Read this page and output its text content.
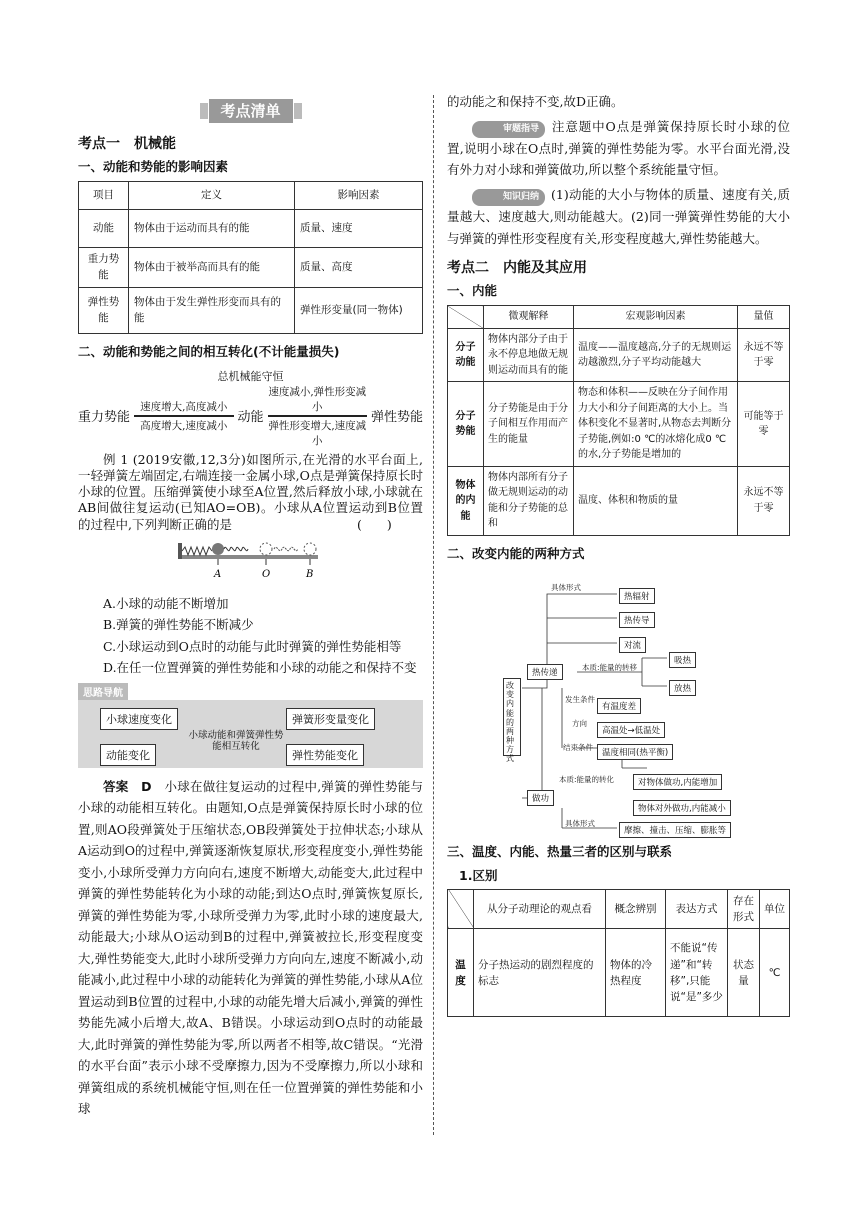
考点清单
考点一　机械能
一、动能和势能的影响因素
项目	定义	影响因素
动能	物体由于运动而具有的能	质量、速度
重力势能	物体由于被举高而具有的能	质量、高度
弹性势能	物体由于发生弹性形变而具有的能	弹性形变量(同一物体)
二、动能和势能之间的相互转化(不计能量损失)
总机械能守恒
重力势能
速度增大,高度减小
高度增大,速度减小
动能
速度减小,弹性形变减小
弹性形变增大,速度减小
弹性势能

例 1 (2019安徽,12,3分)如图所示,在光滑的水平台面上,一轻弹簧左端固定,右端连接一金属小球,O点是弹簧保持原长时小球的位置。压缩弹簧使小球至A位置,然后释放小球,小球就在AB间做往复运动(已知AO=OB)。小球从A位置运动到B位置的过程中,下列判断正确的是　　　　　　　　　　(　　)

A	O	B

A.小球的动能不断增加

B.弹簧的弹性势能不断减少

C.小球运动到O点时的动能与此时弹簧的弹性势能相等

D.在任一位置弹簧的弹性势能和小球的动能之和保持不变

思路导航
小球速度变化	弹簧形变量变化
动能变化	弹性势能变化
小球动能和弹簧弹性势能相互转化

答案　D　 小球在做往复运动的过程中,弹簧的弹性势能与小球的动能相互转化。由题知,O点是弹簧保持原长时小球的位置,则AO段弹簧处于压缩状态,OB段弹簧处于拉伸状态;小球从A运动到O的过程中,弹簧逐渐恢复原状,形变程度变小,弹性势能变小,小球所受弹力方向向右,速度不断增大,动能变大,此过程中弹簧的弹性势能转化为小球的动能;到达O点时,弹簧恢复原长,弹簧的弹性势能为零,小球所受弹力为零,此时小球的速度最大,动能最大;小球从O运动到B的过程中,弹簧被拉长,形变程度变大,弹性势能变大,此时小球所受弹力方向向左,速度不断减小,动能减小,此过程中小球的动能转化为弹簧的弹性势能,小球从A位置运动到B位置的过程中,小球的动能先增大后减小,弹簧的弹性势能先减小后增大,故A、B错误。小球运动到O点时的动能最大,此时弹簧的弹性势能为零,所以两者不相等,故C错误。“光滑的水平台面”表示小球不受摩擦力,因为不受摩擦力,所以小球和弹簧组成的系统机械能守恒,则在任一位置弹簧的弹性势能和小球

的动能之和保持不变,故D正确。

审题指导 注意题中O点是弹簧保持原长时小球的位置,说明小球在O点时,弹簧的弹性势能为零。水平台面光滑,没有外力对小球和弹簧做功,所以整个系统能量守恒。

知识归纳 (1)动能的大小与物体的质量、速度有关,质量越大、速度越大,则动能越大。(2)同一弹簧弹性势能的大小与弹簧的弹性形变程度有关,形变程度越大,弹性势能越大。

考点二　内能及其应用
一、内能
	微观解释	宏观影响因素	量值
分子动能	物体内部分子由于永不停息地做无规则运动而具有的能	温度——温度越高,分子的无规则运动越激烈,分子平均动能越大	永远不等于零
分子势能	分子势能是由于分子间相互作用而产生的能量	物态和体积——反映在分子间作用力大小和分子间距离的大小上。当体积变化不显著时,从物态去判断分子势能,例如:0 ℃的冰熔化成0 ℃的水,分子势能是增加的	可能等于零
物体的内能	物体内部所有分子做无规则运动的动能和分子势能的总和	温度、体积和物质的量	永远不等于零
二、改变内能的两种方式
改变内能的两种方式
具体形式
热辐射
热传导
对流
热传递
本质:能量的转移
吸热
放热
发生条件
有温度差
方向
高温处→低温处
结束条件
温度相同(热平衡)
做功
本质:能量的转化	对物体做功,内能增加
物体对外做功,内能减小
具体形式
摩擦、撞击、压缩、膨胀等
三、温度、内能、热量三者的区别与联系
1.区别
	从分子动理论的观点看	概念辨别	表达方式	存在形式	单位
温度	分子热运动的剧烈程度的标志	物体的冷热程度	不能说“传递”和“转移”,只能说“是”多少	状态量	℃
